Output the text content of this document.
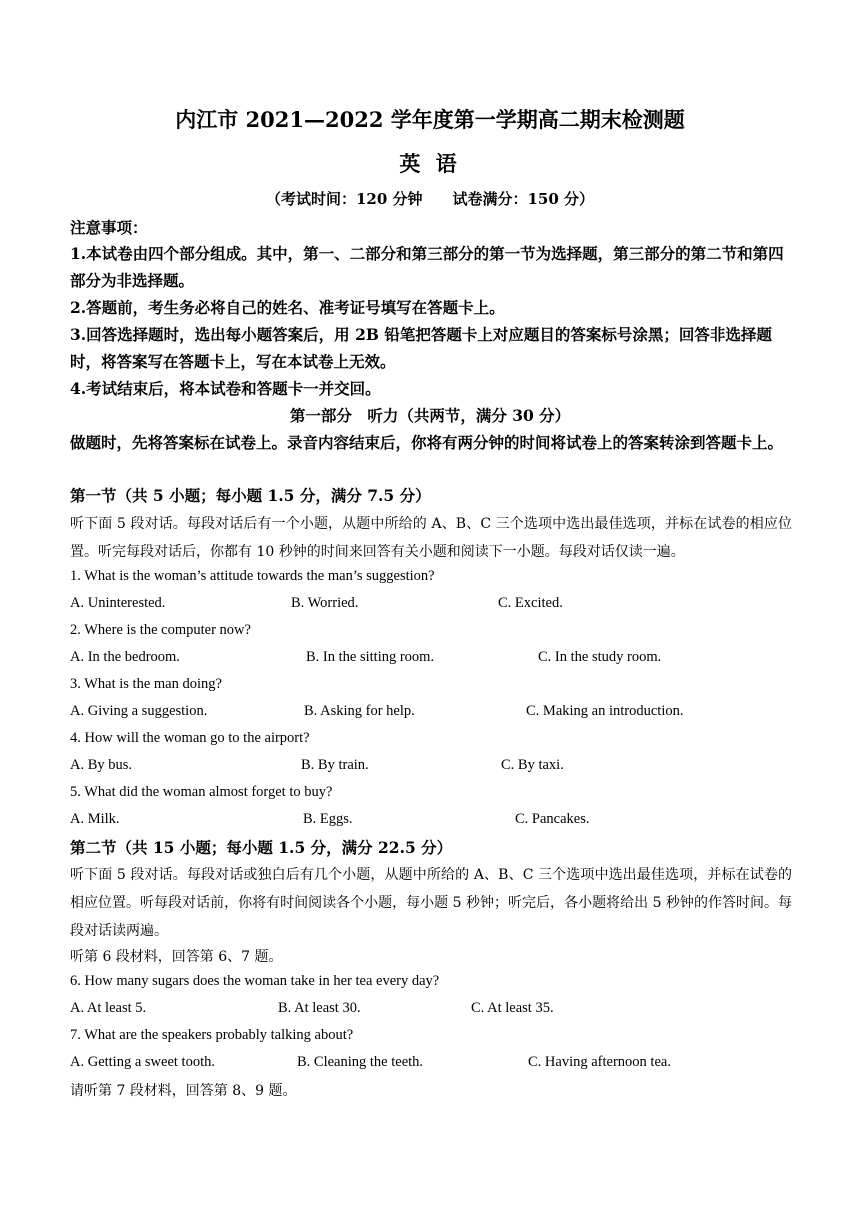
内江市 2021—2022 学年度第一学期高二期末检测题
英 语
（考试时间：120 分钟　　试卷满分：150 分）
注意事项：
1.本试卷由四个部分组成。其中，第一、二部分和第三部分的第一节为选择题，第三部分的第二节和第四部分为非选择题。
2.答题前，考生务必将自己的姓名、准考证号填写在答题卡上。
3.回答选择题时，选出每小题答案后，用 2B 铅笔把答题卡上对应题目的答案标号涂黑；回答非选择题时，将答案写在答题卡上，写在本试卷上无效。
4.考试结束后，将本试卷和答题卡一并交回。
第一部分　听力（共两节，满分 30 分）
做题时，先将答案标在试卷上。录音内容结束后，你将有两分钟的时间将试卷上的答案转涂到答题卡上。
第一节（共 5 小题；每小题 1.5 分，满分 7.5 分）
听下面 5 段对话。每段对话后有一个小题，从题中所给的 A、B、C 三个选项中选出最佳选项，并标在试卷的相应位置。听完每段对话后，你都有 10 秒钟的时间来回答有关小题和阅读下一小题。每段对话仅读一遍。
1. What is the woman’s attitude towards the man’s suggestion?
A. Uninterested.	B. Worried.	C. Excited.
2. Where is the computer now?
A. In the bedroom.	B. In the sitting room.	C. In the study room.
3. What is the man doing?
A. Giving a suggestion.	B. Asking for help.	C. Making an introduction.
4. How will the woman go to the airport?
A. By bus.	B. By train.	C. By taxi.
5. What did the woman almost forget to buy?
A. Milk.	B. Eggs.	C. Pancakes.
第二节（共 15 小题；每小题 1.5 分，满分 22.5 分）
听下面 5 段对话。每段对话或独白后有几个小题，从题中所给的 A、B、C 三个选项中选出最佳选项，并标在试卷的相应位置。听每段对话前，你将有时间阅读各个小题，每小题 5 秒钟；听完后，各小题将给出 5 秒钟的作答时间。每段对话读两遍。
听第 6 段材料，回答第 6、7 题。
6. How many sugars does the woman take in her tea every day?
A. At least 5.	B. At least 30.	C. At least 35.
7. What are the speakers probably talking about?
A. Getting a sweet tooth.	B. Cleaning the teeth.	C. Having afternoon tea.
请听第 7 段材料，回答第 8、9 题。
